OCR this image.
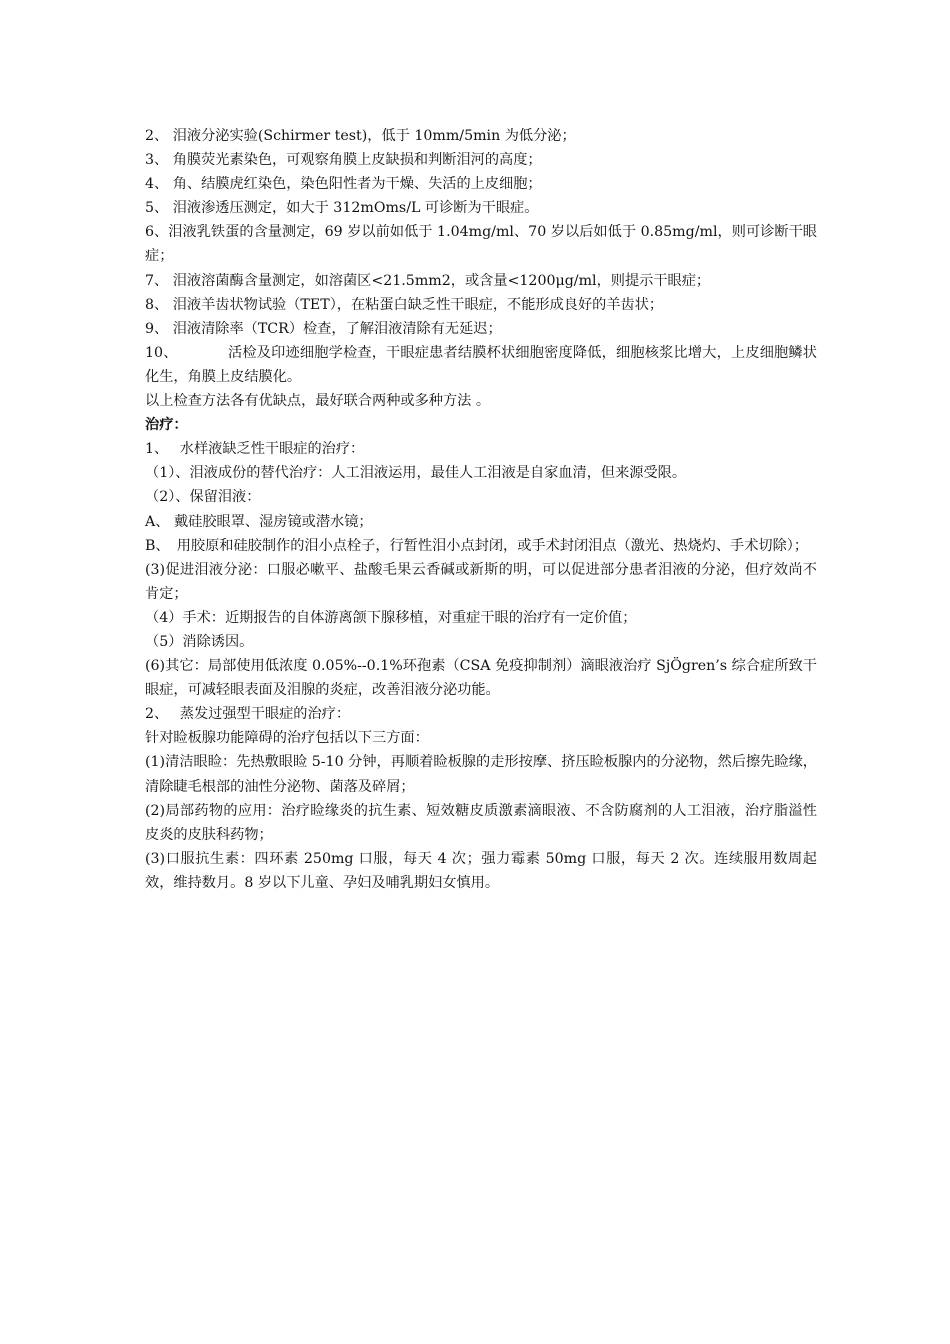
2、 泪液分泌实验(Schirmer test)，低于 10mm/5min 为低分泌；

3、 角膜荧光素染色，可观察角膜上皮缺损和判断泪河的高度；

4、 角、结膜虎红染色，染色阳性者为干燥、失活的上皮细胞；

5、 泪液渗透压测定，如大于 312mOms/L 可诊断为干眼症。

6、泪液乳铁蛋的含量测定，69 岁以前如低于 1.04mg/ml、70 岁以后如低于 0.85mg/ml，则可诊断干眼症；

7、 泪液溶菌酶含量测定，如溶菌区<21.5mm2，或含量<1200μg/ml，则提示干眼症；

8、 泪液羊齿状物试验（TET），在粘蛋白缺乏性干眼症，不能形成良好的羊齿状；

9、 泪液清除率（TCR）检查，了解泪液清除有无延迟；

10、　　　　活检及印迹细胞学检查，干眼症患者结膜杯状细胞密度降低，细胞核浆比增大，上皮细胞鳞状化生，角膜上皮结膜化。

以上检查方法各有优缺点，最好联合两种或多种方法 。

治疗：

1、　 水样液缺乏性干眼症的治疗：

（1）、泪液成份的替代治疗：人工泪液运用，最佳人工泪液是自家血清，但来源受限。

（2）、保留泪液：

A、 戴硅胶眼罩、湿房镜或潜水镜；

B、　用胶原和硅胶制作的泪小点栓子，行暂性泪小点封闭，或手术封闭泪点（激光、热烧灼、手术切除）；

(3)促进泪液分泌：口服必嗽平、盐酸毛果云香碱或新斯的明，可以促进部分患者泪液的分泌，但疗效尚不肯定；

（4）手术：近期报告的自体游离颌下腺移植，对重症干眼的治疗有一定价值；

（5）消除诱因。

(6)其它：局部使用低浓度 0.05%--0.1%环孢素（CSA 免疫抑制剂）滴眼液治疗 SjÖgren’s 综合症所致干眼症，可减轻眼表面及泪腺的炎症，改善泪液分泌功能。

2、　 蒸发过强型干眼症的治疗：

针对睑板腺功能障碍的治疗包括以下三方面：

(1)清洁眼睑：先热敷眼睑 5-10 分钟，再顺着睑板腺的走形按摩、挤压睑板腺内的分泌物，然后擦先睑缘，清除睫毛根部的油性分泌物、菌落及碎屑；

(2)局部药物的应用：治疗睑缘炎的抗生素、短效糖皮质激素滴眼液、不含防腐剂的人工泪液，治疗脂溢性皮炎的皮肤科药物；

(3)口服抗生素：四环素 250mg 口服，每天 4 次；强力霉素 50mg 口服，每天 2 次。连续服用数周起效，维持数月。8 岁以下儿童、孕妇及哺乳期妇女慎用。
